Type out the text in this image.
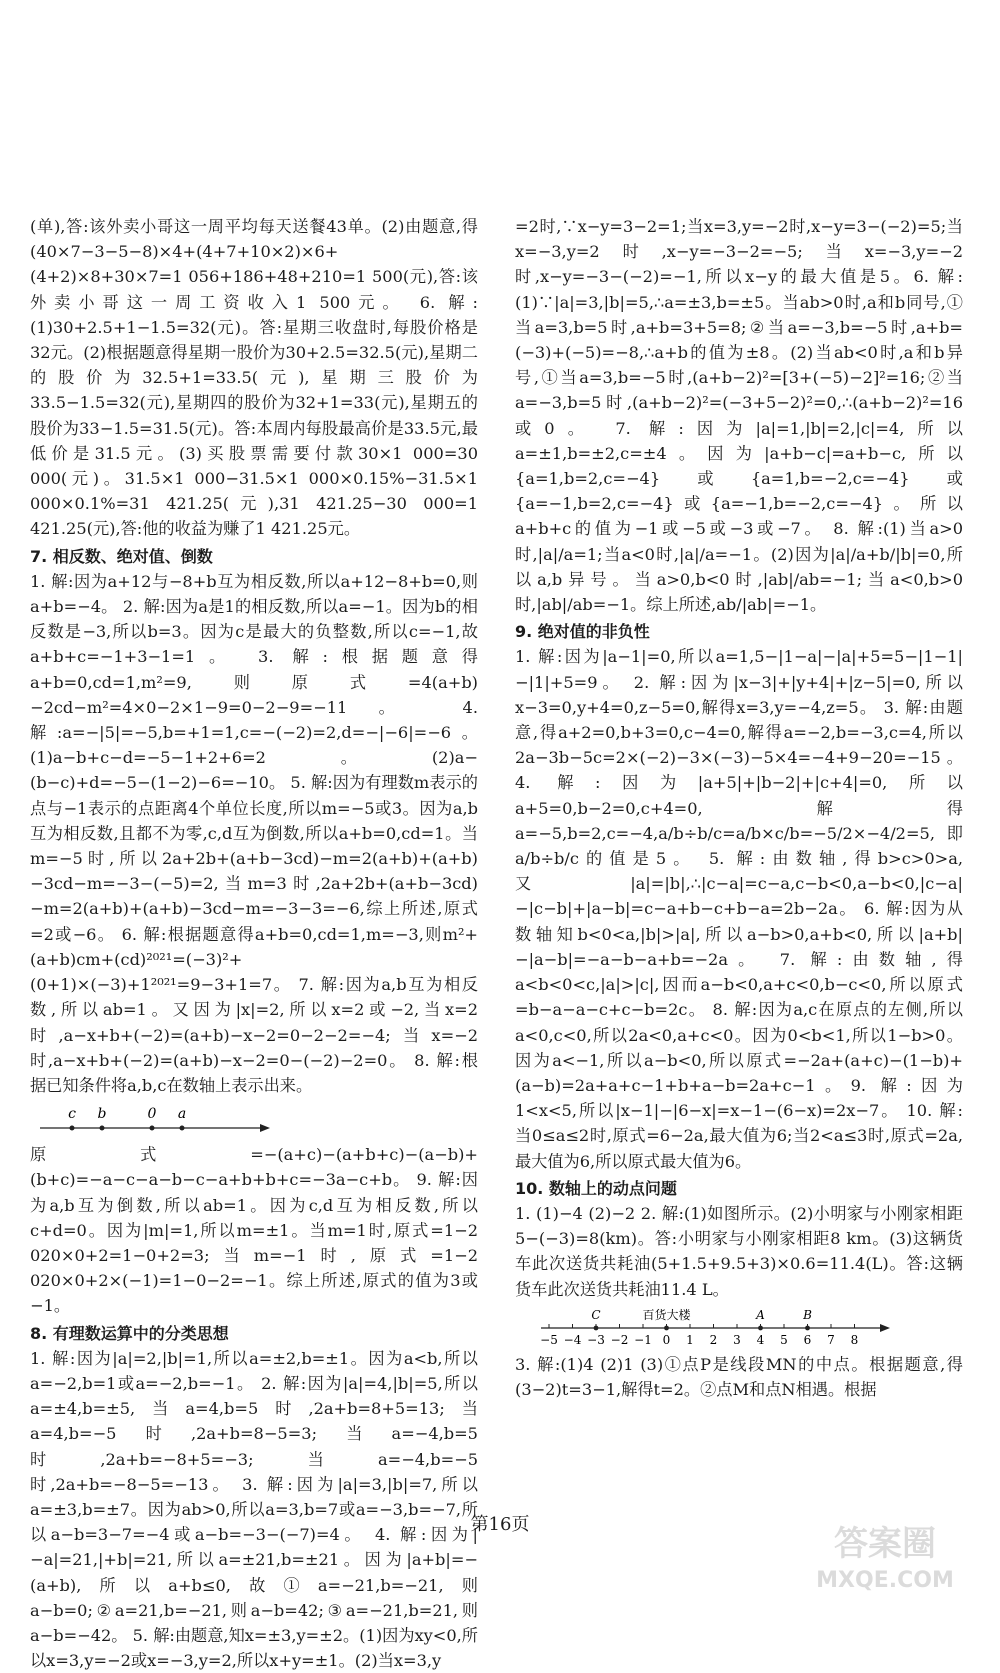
(单),答:该外卖小哥这一周平均每天送餐43单。(2)由题意,得(40×7−3−5−8)×4+(4+7+10×2)×6+(4+2)×8+30×7=1 056+186+48+210=1 500(元),答:该外卖小哥这一周工资收入1 500元。 6. 解:(1)30+2.5+1−1.5=32(元)。答:星期三收盘时,每股价格是32元。(2)根据题意得星期一股价为30+2.5=32.5(元),星期二的股价为32.5+1=33.5(元),星期三股价为33.5−1.5=32(元),星期四的股价为32+1=33(元),星期五的股价为33−1.5=31.5(元)。答:本周内每股最高价是33.5元,最低价是31.5元。(3)买股票需要付款30×1 000=30 000(元)。31.5×1 000−31.5×1 000×0.15%−31.5×1 000×0.1%=31 421.25(元),31 421.25−30 000=1 421.25(元),答:他的收益为赚了1 421.25元。

7. 相反数、绝对值、倒数

1. 解:因为a+12与−8+b互为相反数,所以a+12−8+b=0,则a+b=−4。 2. 解:因为a是1的相反数,所以a=−1。因为b的相反数是−3,所以b=3。因为c是最大的负整数,所以c=−1,故a+b+c=−1+3−1=1。 3. 解:根据题意得a+b=0,cd=1,m²=9,则原式=4(a+b)−2cd−m²=4×0−2×1−9=0−2−9=−11。 4. 解:a=−|5|=−5,b=+1=1,c=−(−2)=2,d=−|−6|=−6。(1)a−b+c−d=−5−1+2+6=2。(2)a−(b−c)+d=−5−(1−2)−6=−10。 5. 解:因为有理数m表示的点与−1表示的点距离4个单位长度,所以m=−5或3。因为a,b互为相反数,且都不为零,c,d互为倒数,所以a+b=0,cd=1。当m=−5时,所以2a+2b+(a+b−3cd)−m=2(a+b)+(a+b)−3cd−m=−3−(−5)=2,当m=3时,2a+2b+(a+b−3cd)−m=2(a+b)+(a+b)−3cd−m=−3−3=−6,综上所述,原式=2或−6。 6. 解:根据题意得a+b=0,cd=1,m=−3,则m²+(a+b)cm+(cd)²⁰²¹=(−3)²+(0+1)×(−3)+1²⁰²¹=9−3+1=7。 7. 解:因为a,b互为相反数,所以ab=1。又因为|x|=2,所以x=2或−2,当x=2时,a−x+b+(−2)=(a+b)−x−2=0−2−2=−4;当x=−2时,a−x+b+(−2)=(a+b)−x−2=0−(−2)−2=0。 8. 解:根据已知条件将a,b,c在数轴上表示出来。

c b	0 a

原式=−(a+c)−(a+b+c)−(a−b)+(b+c)=−a−c−a−b−c−a+b+b+c=−3a−c+b。 9. 解:因为a,b互为倒数,所以ab=1。因为c,d互为相反数,所以c+d=0。因为|m|=1,所以m=±1。当m=1时,原式=1−2 020×0+2=1−0+2=3;当m=−1时,原式=1−2 020×0+2×(−1)=1−0−2=−1。综上所述,原式的值为3或−1。

8. 有理数运算中的分类思想

1. 解:因为|a|=2,|b|=1,所以a=±2,b=±1。因为a<b,所以a=−2,b=1或a=−2,b=−1。 2. 解:因为|a|=4,|b|=5,所以a=±4,b=±5,当a=4,b=5时,2a+b=8+5=13;当a=4,b=−5时,2a+b=8−5=3;当a=−4,b=5时,2a+b=−8+5=−3;当a=−4,b=−5时,2a+b=−8−5=−13。 3. 解:因为|a|=3,|b|=7,所以a=±3,b=±7。因为ab>0,所以a=3,b=7或a=−3,b=−7,所以a−b=3−7=−4或a−b=−3−(−7)=4。 4. 解:因为|−a|=21,|+b|=21,所以a=±21,b=±21。因为|a+b|=−(a+b),所以a+b≤0,故①a=−21,b=−21,则a−b=0;②a=21,b=−21,则a−b=42;③a=−21,b=21,则a−b=−42。 5. 解:由题意,知x=±3,y=±2。(1)因为xy<0,所以x=3,y=−2或x=−3,y=2,所以x+y=±1。(2)当x=3,y

=2时,∵x−y=3−2=1;当x=3,y=−2时,x−y=3−(−2)=5;当x=−3,y=2时,x−y=−3−2=−5;当x=−3,y=−2时,x−y=−3−(−2)=−1,所以x−y的最大值是5。6. 解:(1)∵|a|=3,|b|=5,∴a=±3,b=±5。当ab>0时,a和b同号,①当a=3,b=5时,a+b=3+5=8;②当a=−3,b=−5时,a+b=(−3)+(−5)=−8,∴a+b的值为±8。(2)当ab<0时,a和b异号,①当a=3,b=−5时,(a+b−2)²=[3+(−5)−2]²=16;②当a=−3,b=5时,(a+b−2)²=(−3+5−2)²=0,∴(a+b−2)²=16或0。 7. 解:因为|a|=1,|b|=2,|c|=4,所以a=±1,b=±2,c=±4。因为|a+b−c|=a+b−c,所以{a=1,b=2,c=−4}或{a=1,b=−2,c=−4}或{a=−1,b=2,c=−4}或{a=−1,b=−2,c=−4}。所以a+b+c的值为−1或−5或−3或−7。 8. 解:(1)当a>0时,|a|/a=1;当a<0时,|a|/a=−1。(2)因为|a|/a+b/|b|=0,所以a,b异号。当a>0,b<0时,|ab|/ab=−1;当a<0,b>0时,|ab|/ab=−1。综上所述,ab/|ab|=−1。

9. 绝对值的非负性

1. 解:因为|a−1|=0,所以a=1,5−|1−a|−|a|+5=5−|1−1|−|1|+5=9。 2. 解:因为|x−3|+|y+4|+|z−5|=0,所以x−3=0,y+4=0,z−5=0,解得x=3,y=−4,z=5。 3. 解:由题意,得a+2=0,b+3=0,c−4=0,解得a=−2,b=−3,c=4,所以2a−3b−5c=2×(−2)−3×(−3)−5×4=−4+9−20=−15。 4. 解:因为|a+5|+|b−2|+|c+4|=0,所以a+5=0,b−2=0,c+4=0,解得a=−5,b=2,c=−4,a/b÷b/c=a/b×c/b=−5/2×−4/2=5,即a/b÷b/c的值是5。 5. 解:由数轴,得b>c>0>a,又|a|=|b|,∴|c−a|=c−a,c−b<0,a−b<0,|c−a|−|c−b|+|a−b|=c−a+b−c+b−a=2b−2a。 6. 解:因为从数轴知b<0<a,|b|>|a|,所以a−b>0,a+b<0,所以|a+b|−|a−b|=−a−b−a+b=−2a。 7. 解:由数轴,得a<b<0<c,|a|>|c|,因而a−b<0,a+c<0,b−c<0,所以原式=b−a−a−c+c−b=2c。 8. 解:因为a,c在原点的左侧,所以a<0,c<0,所以2a<0,a+c<0。因为0<b<1,所以1−b>0。因为a<−1,所以a−b<0,所以原式=−2a+(a+c)−(1−b)+(a−b)=2a+a+c−1+b+a−b=2a+c−1。9. 解:因为1<x<5,所以|x−1|−|6−x|=x−1−(6−x)=2x−7。 10. 解:当0≤a≤2时,原式=6−2a,最大值为6;当2<a≤3时,原式=2a,最大值为6,所以原式最大值为6。

10. 数轴上的动点问题

1. (1)−4 (2)−2 2. 解:(1)如图所示。(2)小明家与小刚家相距5−(−3)=8(km)。答:小明家与小刚家相距8 km。(3)这辆货车此次送货共耗油(5+1.5+9.5+3)×0.6=11.4(L)。答:这辆货车此次送货共耗油11.4 L。

−5 −4 −3 −2 −1 0 1 2 3 4 5 6 7 8
C	百货大楼	A	B

3. 解:(1)4 (2)1 (3)①点P是线段MN的中点。根据题意,得(3−2)t=3−1,解得t=2。②点M和点N相遇。根据

第16页	答案圈
MXQE.COM
